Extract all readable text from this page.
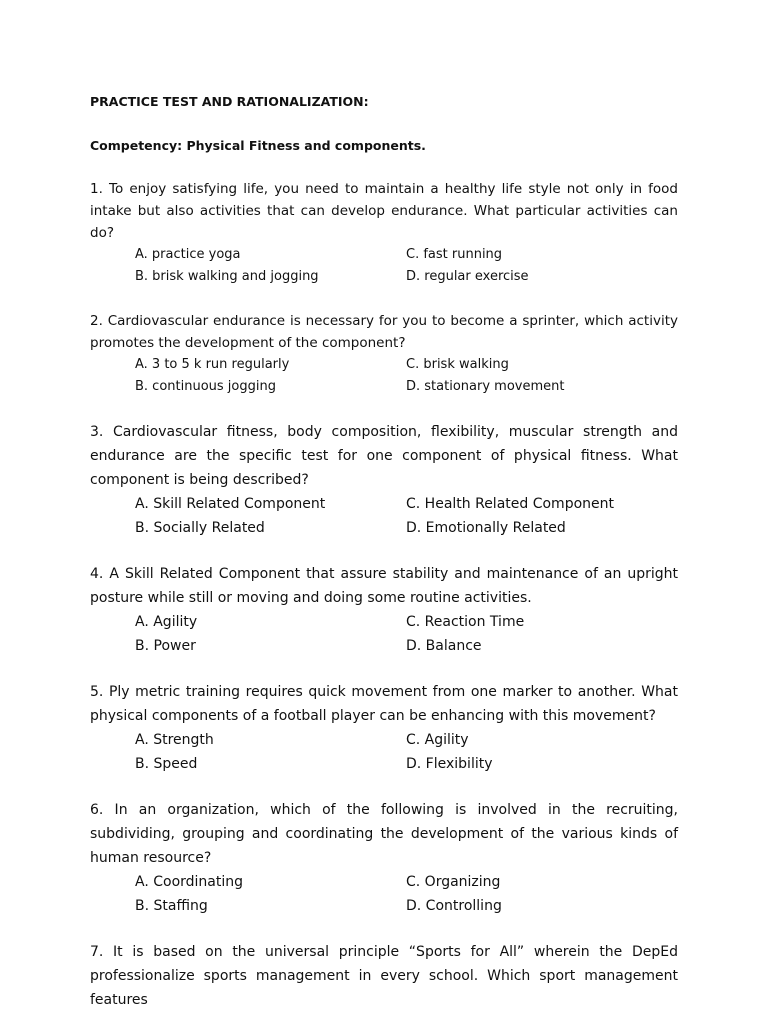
PRACTICE TEST AND RATIONALIZATION:

Competency: Physical Fitness and components.

1. To enjoy satisfying life, you need to maintain a healthy life style not only in food intake but also activities that can develop endurance. What particular activities can do?

A. practice yoga	C. fast running
B. brisk walking and jogging	D. regular exercise

2. Cardiovascular endurance is necessary for you to become a sprinter, which activity promotes the development of the component?

A. 3 to 5 k run regularly	C. brisk walking
B. continuous jogging	D. stationary movement

3. Cardiovascular fitness, body composition, flexibility, muscular strength and endurance are the specific test for one component of physical fitness. What component is being described?

A. Skill Related Component	C. Health Related Component
B. Socially Related	D. Emotionally Related

4. A Skill Related Component that assure stability and maintenance of an upright posture while still or moving and doing some routine activities.

A. Agility	C. Reaction Time
B. Power	D. Balance

5. Ply metric training requires quick movement from one marker to another. What physical components of a football player can be enhancing with this movement?

A. Strength	C. Agility
B. Speed	D. Flexibility

6. In an organization, which of the following is involved in the recruiting, subdividing, grouping and coordinating the development of the various kinds of human resource?

A. Coordinating	C. Organizing
B. Staffing	D. Controlling

7. It is based on the universal principle “Sports for All” wherein the DepEd professionalize sports management in every school. Which sport management features
